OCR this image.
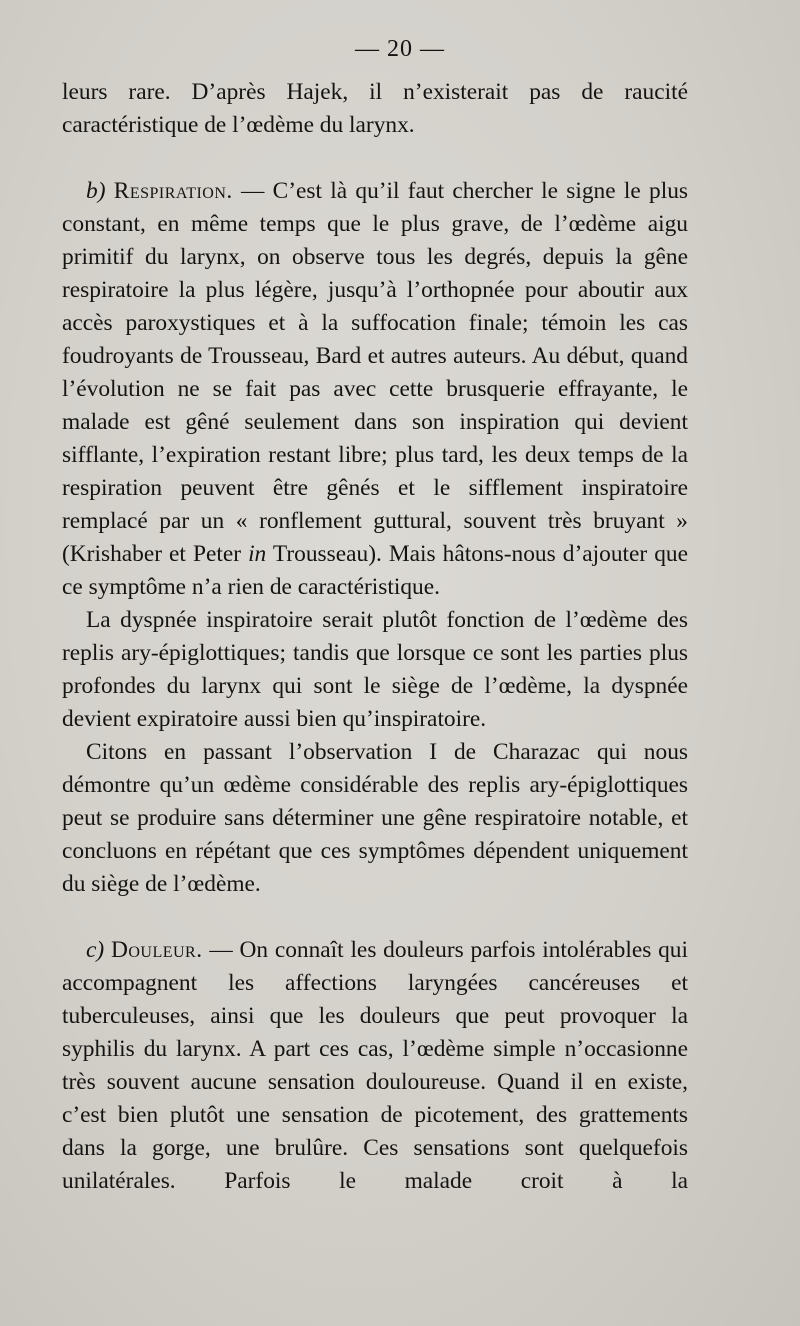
— 20 —

leurs rare. D’après Hajek, il n’existerait pas de raucité caractéristique de l’œdème du larynx.

b) Respiration. — C’est là qu’il faut chercher le signe le plus constant, en même temps que le plus grave, de l’œdème aigu primitif du larynx, on observe tous les degrés, depuis la gêne respiratoire la plus légère, jusqu’à l’orthopnée pour aboutir aux accès paroxystiques et à la suffocation finale; témoin les cas foudroyants de Trousseau, Bard et autres auteurs. Au début, quand l’évolution ne se fait pas avec cette brusquerie effrayante, le malade est gêné seulement dans son inspiration qui devient sifflante, l’expiration restant libre; plus tard, les deux temps de la respiration peuvent être gênés et le sifflement inspiratoire remplacé par un « ronflement guttural, souvent très bruyant » (Krishaber et Peter in Trousseau). Mais hâtons-nous d’ajouter que ce symptôme n’a rien de caractéristique.

La dyspnée inspiratoire serait plutôt fonction de l’œdème des replis ary-épiglottiques; tandis que lorsque ce sont les parties plus profondes du larynx qui sont le siège de l’œdème, la dyspnée devient expiratoire aussi bien qu’inspiratoire.

Citons en passant l’observation I de Charazac qui nous démontre qu’un œdème considérable des replis ary-épiglottiques peut se produire sans déterminer une gêne respiratoire notable, et concluons en répétant que ces symptômes dépendent uniquement du siège de l’œdème.

c) Douleur. — On connaît les douleurs parfois intolérables qui accompagnent les affections laryngées cancéreuses et tuberculeuses, ainsi que les douleurs que peut provoquer la syphilis du larynx. A part ces cas, l’œdème simple n’occasionne très souvent aucune sensation douloureuse. Quand il en existe, c’est bien plutôt une sensation de picotement, des grattements dans la gorge, une brulûre. Ces sensations sont quelquefois unilatérales. Parfois le malade croit à la
